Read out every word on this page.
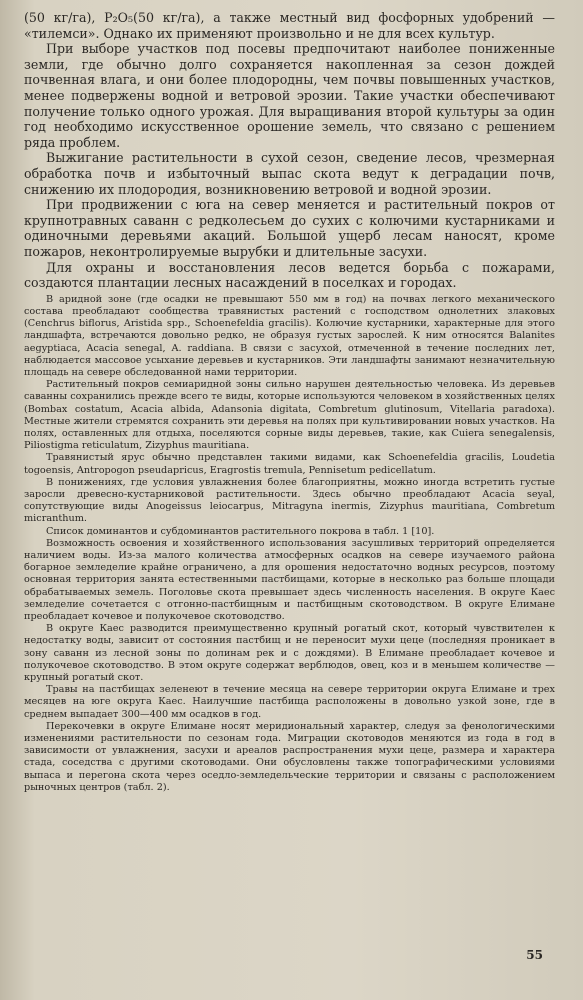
(50 кг/га), P₂O₅(50 кг/га), а также местный вид фосфорных удобрений — «тилемси». Однако их применяют произвольно и не для всех культур.

При выборе участков под посевы предпочитают наиболее пониженные земли, где обычно долго сохраняется накопленная за сезон дождей почвенная влага, и они более плодородны, чем почвы повышенных участков, менее подвержены водной и ветровой эрозии. Такие участки обеспечивают получение только одного урожая. Для выращивания второй культуры за один год необходимо искусственное орошение земель, что связано с решением ряда проблем.

Выжигание растительности в сухой сезон, сведение лесов, чрезмерная обработка почв и избыточный выпас скота ведут к деградации почв, снижению их плодородия, возникновению ветровой и водной эрозии.

При продвижении с юга на север меняется и растительный покров от крупнотравных саванн с редколесьем до сухих с колючими кустарниками и одиночными деревьями акаций. Большой ущерб лесам наносят, кроме пожаров, неконтролируемые вырубки и длительные засухи.

Для охраны и восстановления лесов ведется борьба с пожарами, создаются плантации лесных насаждений в поселках и городах.

В аридной зоне (где осадки не превышают 550 мм в год) на почвах легкого механического состава преобладают сообщества травянистых растений с господством однолетних злаковых (Cenchrus biflorus, Aristida spp., Schoenefeldia gracilis). Колючие кустарники, характерные для этого ландшафта, встречаются довольно редко, не образуя густых зарослей. К ним относятся Balanites aegyptiaca, Acacia senegal, A. raddiana. В связи с засухой, отмеченной в течение последних лет, наблюдается массовое усыхание деревьев и кустарников. Эти ландшафты занимают незначительную площадь на севере обследованной нами территории.

Растительный покров семиаридной зоны сильно нарушен деятельностью человека. Из деревьев саванны сохранились прежде всего те виды, которые используются человеком в хозяйственных целях (Bombax costatum, Acacia albida, Adansonia digitata, Combretum glutinosum, Vitellaria paradoxa). Местные жители стремятся сохранить эти деревья на полях при культивировании новых участков. На полях, оставленных для отдыха, поселяются сорные виды деревьев, такие, как Cuiera senegalensis, Piliostigma reticulatum, Zizyphus mauritiana.

Травянистый ярус обычно представлен такими видами, как Schoenefeldia gracilis, Loudetia togoensis, Antropogon pseudapricus, Eragrostis tremula, Pennisetum pedicellatum.

В понижениях, где условия увлажнения более благоприятны, можно иногда встретить густые заросли древесно-кустарниковой растительности. Здесь обычно преобладают Acacia seyal, сопутствующие виды Anogeissus leiocarpus, Mitragyna inermis, Zizyphus mauritiana, Combretum micranthum.

Список доминантов и субдоминантов растительного покрова в табл. 1 [10].

Возможность освоения и хозяйственного использования засушливых территорий определяется наличием воды. Из-за малого количества атмосферных осадков на севере изучаемого района богарное земледелие крайне ограничено, а для орошения недостаточно водных ресурсов, поэтому основная территория занята естественными пастбищами, которые в несколько раз больше площади обрабатываемых земель. Поголовье скота превышает здесь численность населения. В округе Каес земледелие сочетается с отгонно-пастбищным и пастбищным скотоводством. В округе Елимане преобладает кочевое и полукочевое скотоводство.

В округе Каес разводится преимущественно крупный рогатый скот, который чувствителен к недостатку воды, зависит от состояния пастбищ и не переносит мухи цеце (последняя проникает в зону саванн из лесной зоны по долинам рек и с дождями). В Елимане преобладает кочевое и полукочевое скотоводство. В этом округе содержат верблюдов, овец, коз и в меньшем количестве — крупный рогатый скот.

Травы на пастбищах зеленеют в течение месяца на севере территории округа Елимане и трех месяцев на юге округа Каес. Наилучшие пастбища расположены в довольно узкой зоне, где в среднем выпадает 300—400 мм осадков в год.

Перекочевки в округе Елимане носят меридиональный характер, следуя за фенологическими изменениями растительности по сезонам года. Миграции скотоводов меняются из года в год в зависимости от увлажнения, засухи и ареалов распространения мухи цеце, размера и характера стада, соседства с другими скотоводами. Они обусловлены также топографическими условиями выпаса и перегона скота через оседло-земледельческие территории и связаны с расположением рыночных центров (табл. 2).

55
